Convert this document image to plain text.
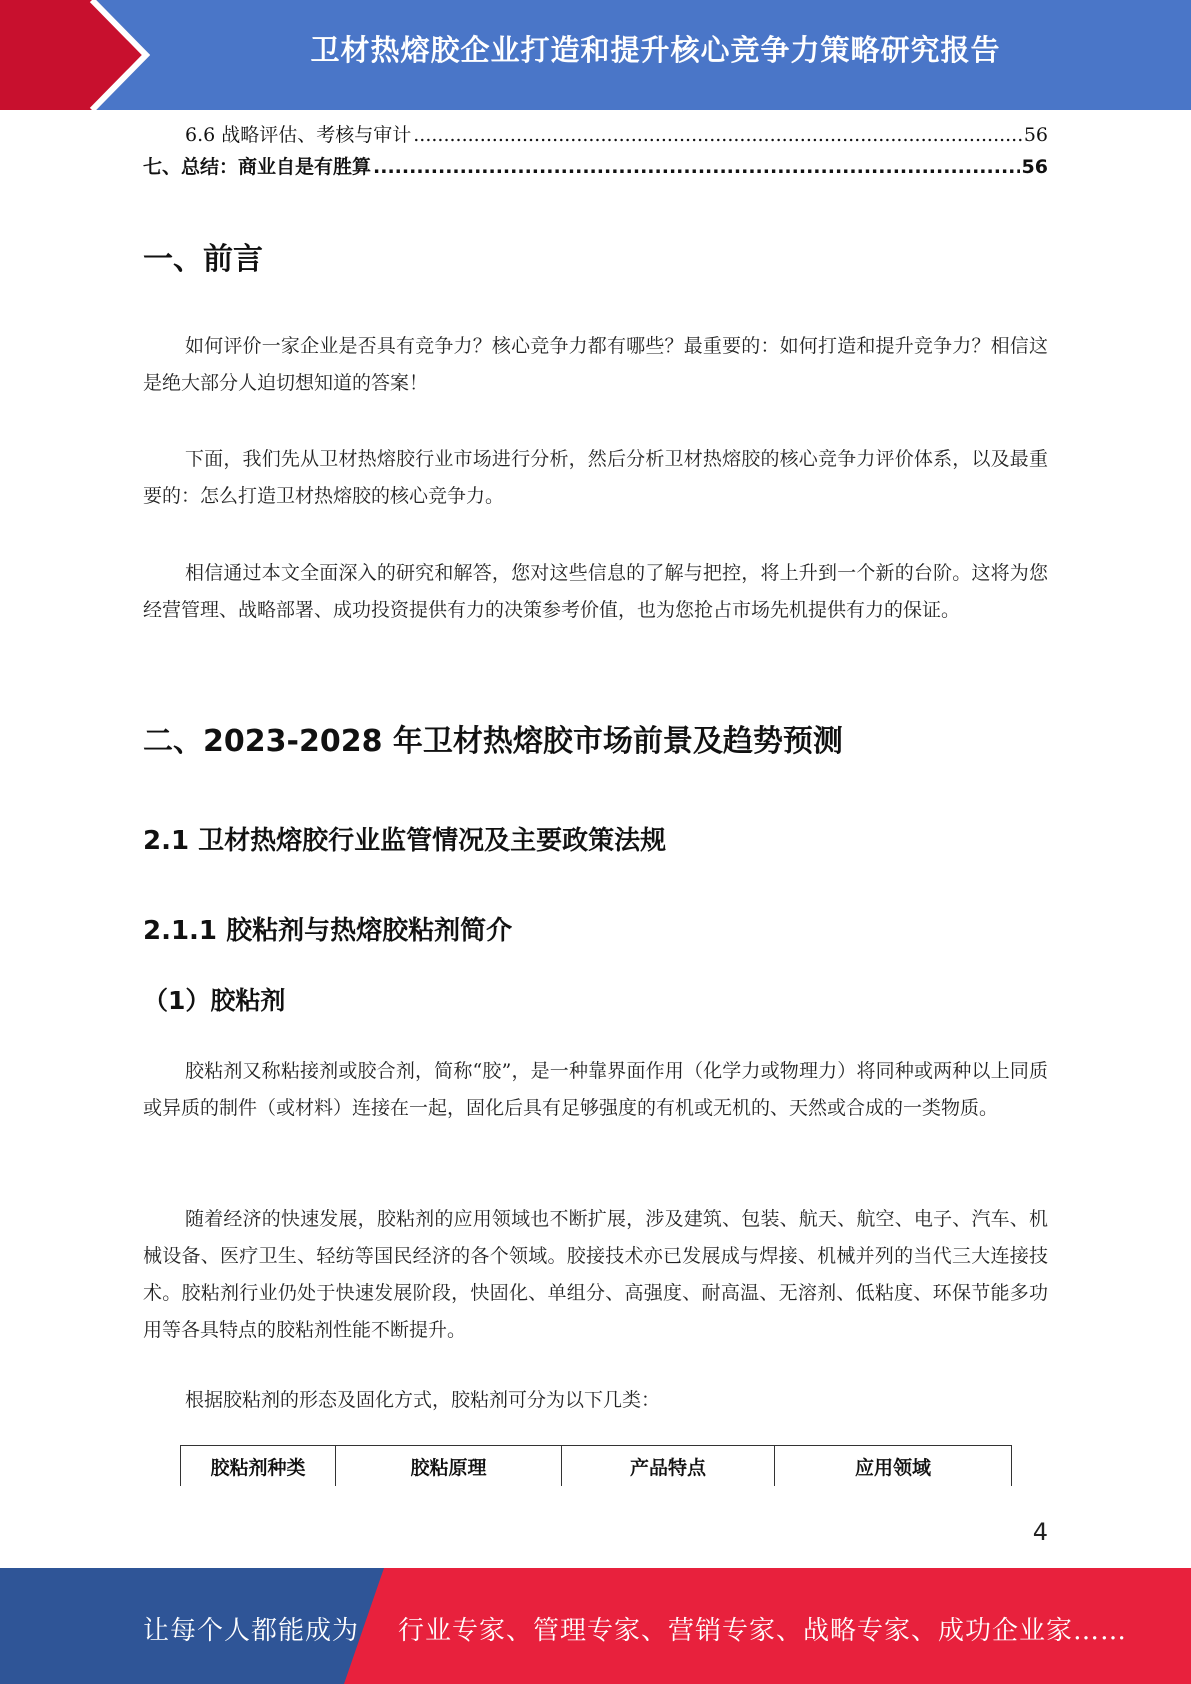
卫材热熔胶企业打造和提升核心竞争力策略研究报告
6.6 战略评估、考核与审计 .....	56
七、总结：商业自是有胜算 .....	56
一、前言

如何评价一家企业是否具有竞争力？核心竞争力都有哪些？最重要的：如何打造和提升竞争力？相信这是绝大部分人迫切想知道的答案！

下面，我们先从卫材热熔胶行业市场进行分析，然后分析卫材热熔胶的核心竞争力评价体系，以及最重要的：怎么打造卫材热熔胶的核心竞争力。

相信通过本文全面深入的研究和解答，您对这些信息的了解与把控，将上升到一个新的台阶。这将为您经营管理、战略部署、成功投资提供有力的决策参考价值，也为您抢占市场先机提供有力的保证。

二、2023-2028 年卫材热熔胶市场前景及趋势预测
2.1 卫材热熔胶行业监管情况及主要政策法规
2.1.1 胶粘剂与热熔胶粘剂简介
（1）胶粘剂

胶粘剂又称粘接剂或胶合剂，简称“胶”，是一种靠界面作用（化学力或物理力）将同种或两种以上同质或异质的制件（或材料）连接在一起，固化后具有足够强度的有机或无机的、天然或合成的一类物质。

随着经济的快速发展，胶粘剂的应用领域也不断扩展，涉及建筑、包装、航天、航空、电子、汽车、机械设备、医疗卫生、轻纺等国民经济的各个领域。胶接技术亦已发展成与焊接、机械并列的当代三大连接技术。胶粘剂行业仍处于快速发展阶段，快固化、单组分、高强度、耐高温、无溶剂、低粘度、环保节能多功用等各具特点的胶粘剂性能不断提升。

根据胶粘剂的形态及固化方式，胶粘剂可分为以下几类：

胶粘剂种类	胶粘原理	产品特点	应用领域
4
让每个人都能成为 行业专家、管理专家、营销专家、战略专家、成功企业家……
